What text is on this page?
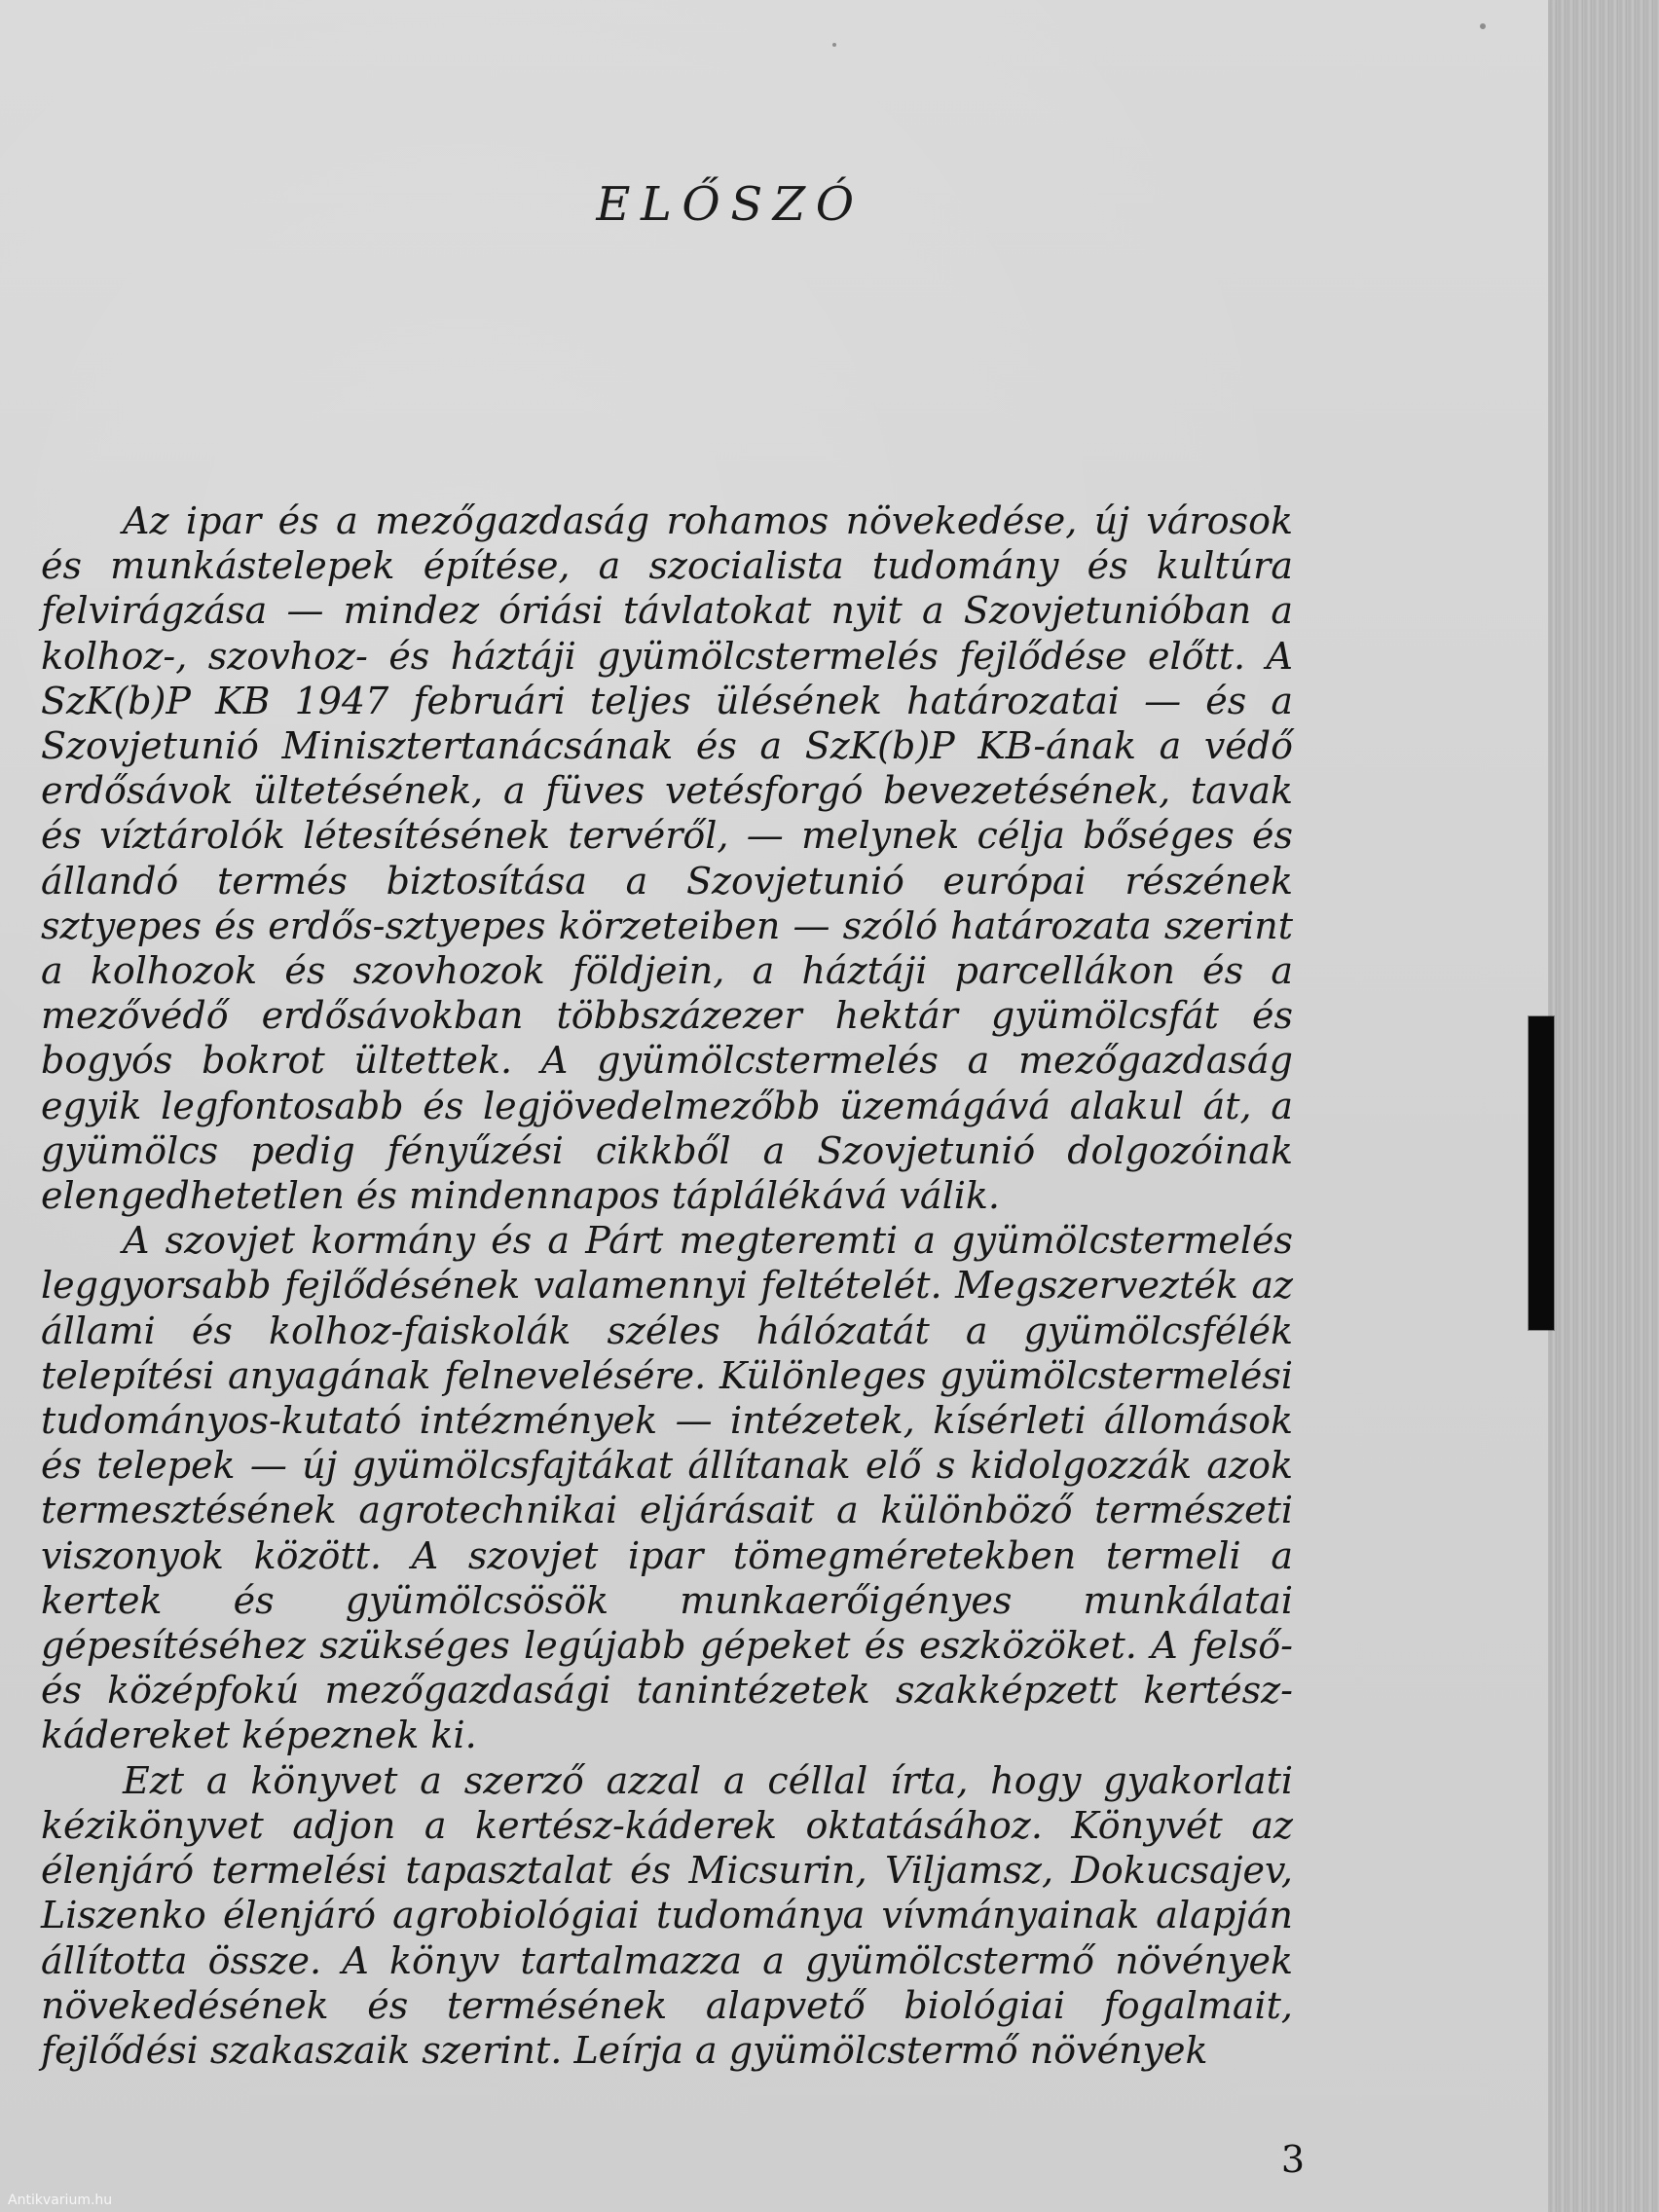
ELŐSZÓ

Az ipar és a mezőgazdaság rohamos növekedése, új városok és munkástelepek építése, a szocialista tudomány és kultúra felvirágzása — mindez óriási távlatokat nyit a Szovjetunióban a kolhoz-, szovhoz- és háztáji gyümölcstermelés fejlődése előtt. A SzK(b)P KB 1947 februári teljes ülésének határozatai — és a Szovjetunió Minisztertanácsának és a SzK(b)P KB-ának a védő erdősávok ültetésének, a füves vetésforgó bevezetésének, tavak és víztárolók létesítésének tervéről, — melynek célja bőséges és állandó termés biztosítása a Szovjetunió európai részének sztyepes és erdős-sztyepes körzeteiben — szóló határozata szerint a kolhozok és szovhozok földjein, a háztáji parcellákon és a mezővédő erdősávokban többszázezer hektár gyümölcsfát és bogyós bokrot ültettek. A gyümölcstermelés a mezőgazdaság egyik legfontosabb és legjövedelmezőbb üzemágává alakul át, a gyümölcs pedig fényűzési cikkből a Szovjetunió dolgozóinak elengedhetetlen és mindennapos táplálékává válik.

A szovjet kormány és a Párt megteremti a gyümölcstermelés leggyorsabb fejlődésének valamennyi feltételét. Megszervezték az állami és kolhoz-faiskolák széles hálózatát a gyümölcsfélék telepítési anyagának felnevelésére. Különleges gyümölcstermelési tudományos-kutató intézmények — intézetek, kísérleti állomások és telepek — új gyümölcsfajtákat állítanak elő s kidolgozzák azok termesztésének agrotechnikai eljárásait a különböző természeti viszonyok között. A szovjet ipar tömegméretekben termeli a kertek és gyümölcsösök munkaerőigényes munkálatai gépesítéséhez szükséges legújabb gépeket és eszközöket. A felső- és középfokú mezőgazdasági tanintézetek szakképzett kertész-kádereket képeznek ki.

Ezt a könyvet a szerző azzal a céllal írta, hogy gyakorlati kézikönyvet adjon a kertész-káderek oktatásához. Könyvét az élenjáró termelési tapasztalat és Micsurin, Viljamsz, Dokucsajev, Liszenko élenjáró agrobiológiai tudománya vívmányainak alapján állította össze. A könyv tartalmazza a gyümölcstermő növények növekedésének és termésének alapvető biológiai fogalmait, fejlődési szakaszaik szerint. Leírja a gyümölcstermő növények

3
Antikvarium.hu
